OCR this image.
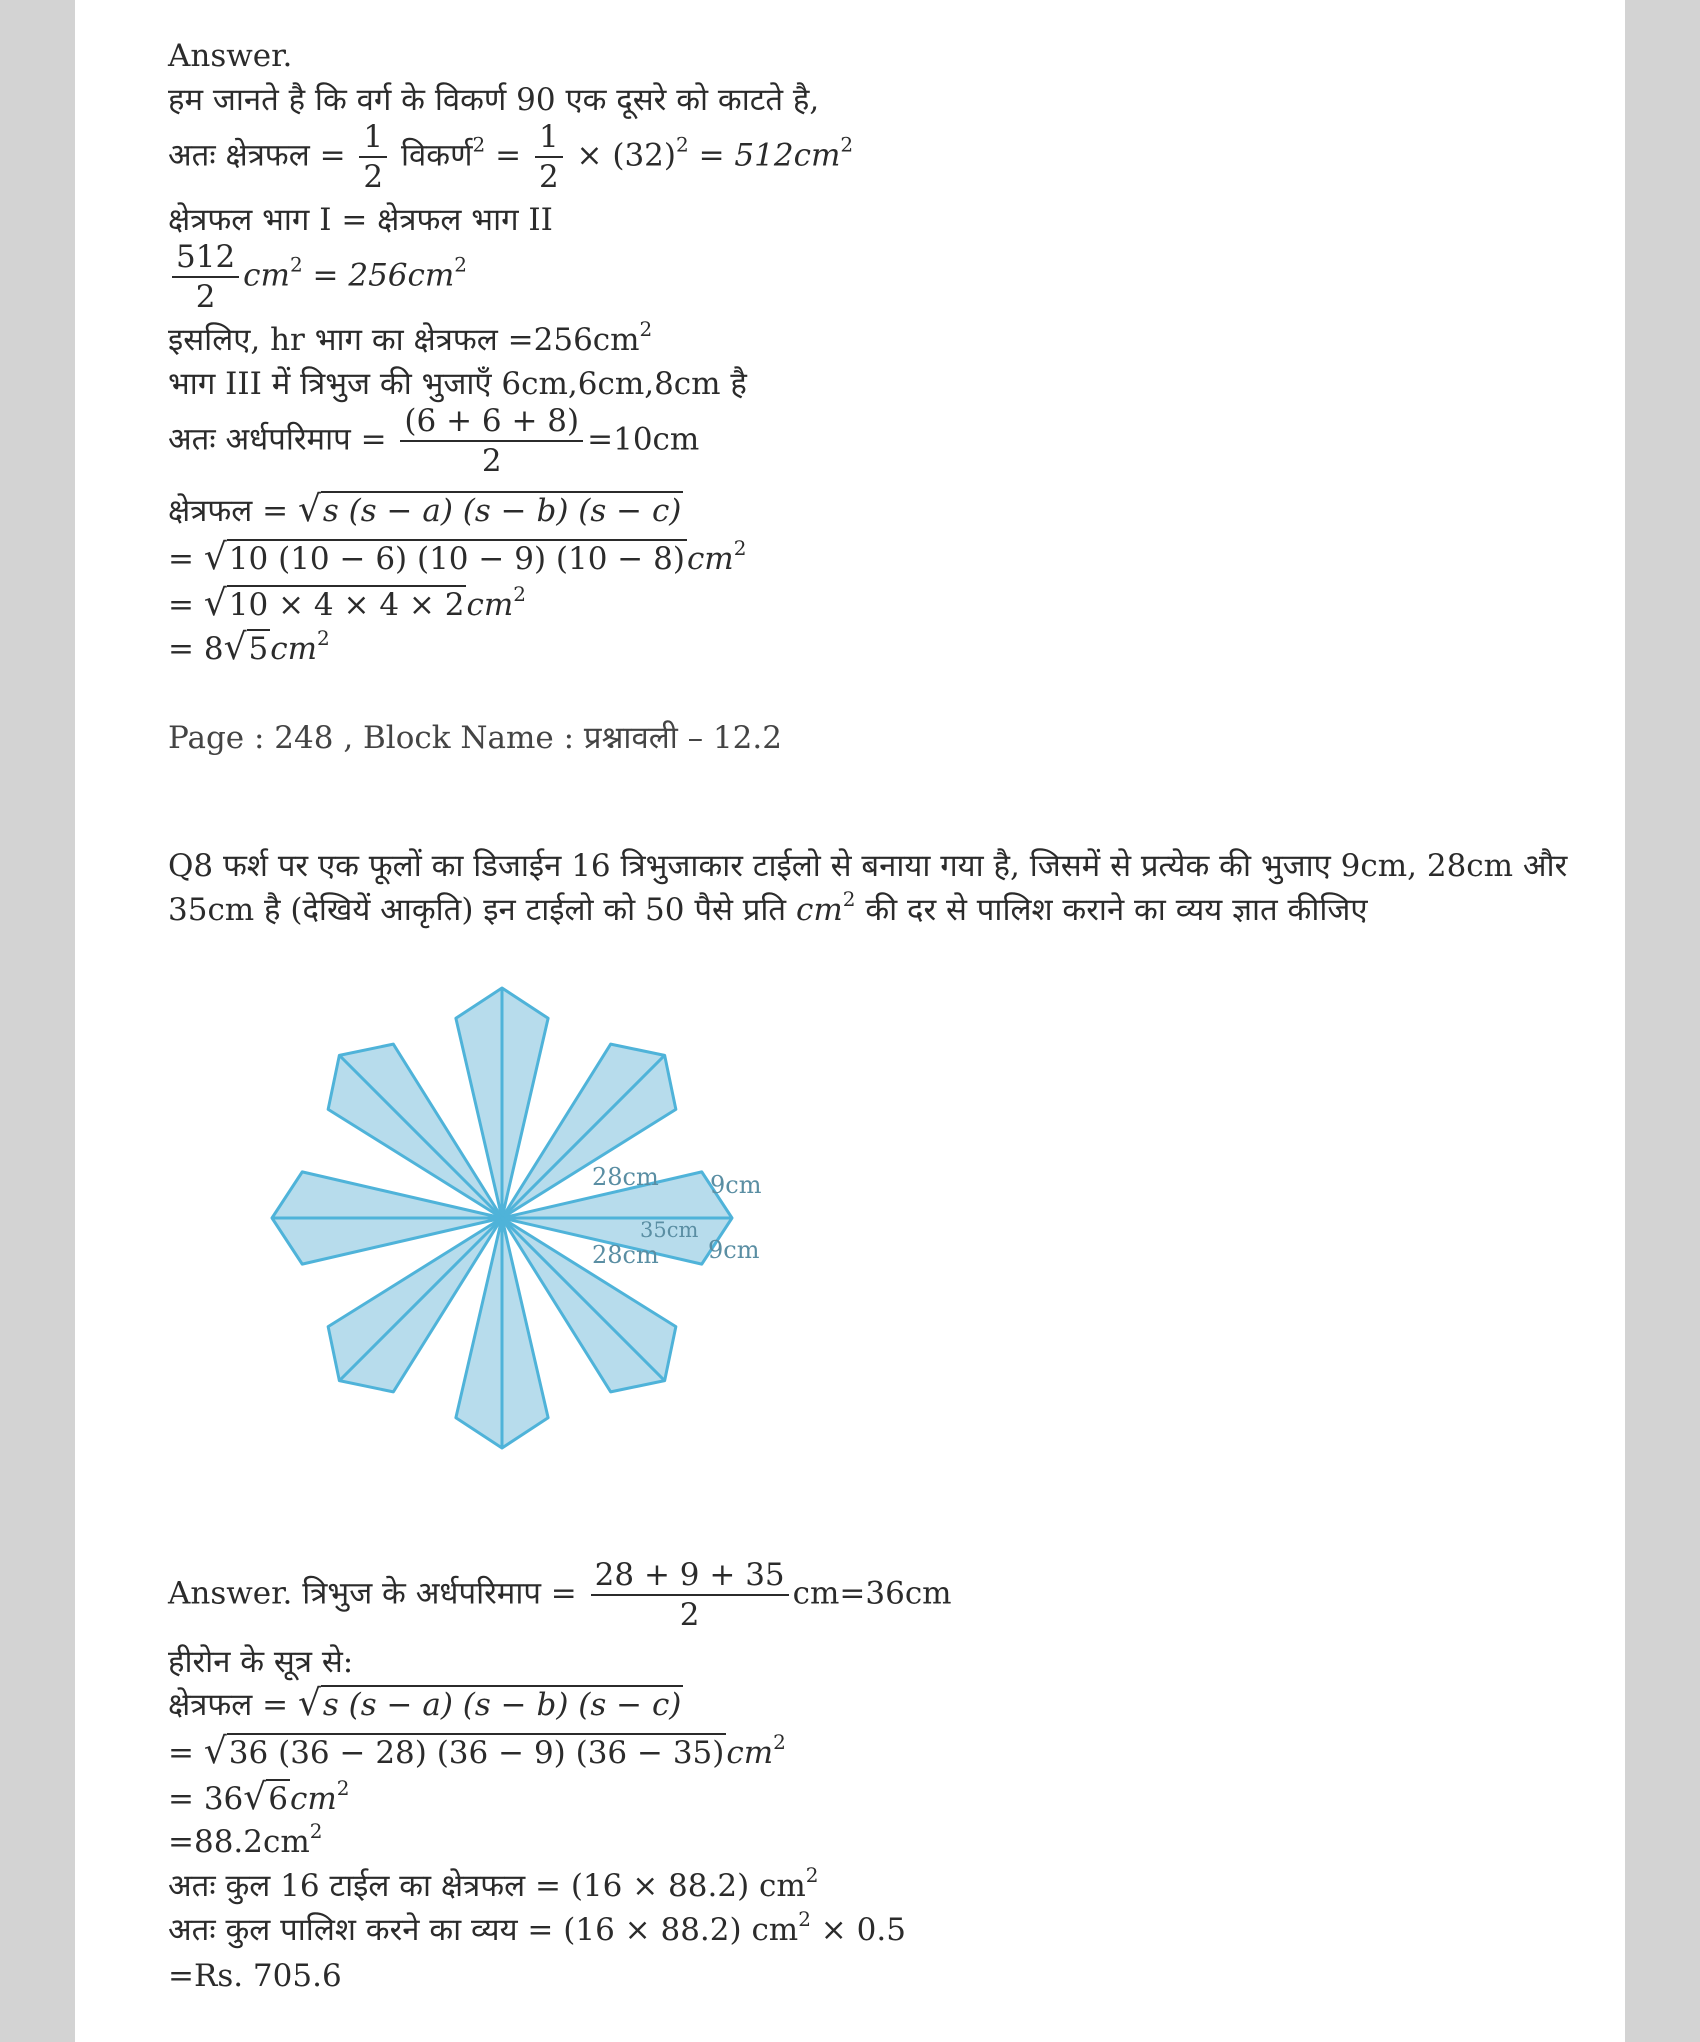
Answer.
हम जानते है कि वर्ग के विकर्ण 90 एक दूसरे को काटते है,
अतः क्षेत्रफल = $\frac{1}{2}$ विकर्ण$^2$ = $\frac{1}{2} \times (32)^2 = 512cm^2$
क्षेत्रफल भाग I = क्षेत्रफल भाग II
$\frac{512}{2} cm^2 = 256cm^2$
इसलिए, hr भाग का क्षेत्रफल $=256cm^2$
भाग III में त्रिभुज की भुजाएँ 6cm,6cm,8cm है
अतः अर्धपरिमाप = $\frac{(6 + 6 + 8)}{2} =10cm$
क्षेत्रफल = √s (s − a) (s − b) (s − c)
= √10 (10 − 6) (10 − 9) $(10 - 8)cm^2$
= $√10 \times 4 \times 4 \times 2cm^2$
= $8√5cm^2$
Page : 248 , Block Name : प्रश्नावली – 12.2
Q8 फर्श पर एक फूलों का डिजाईन 16 त्रिभुजाकार टाईलो से बनाया गया है, जिसमें से प्रत्येक की भुजाए 9cm, 28cm और
35cm है (देखियें आकृति) इन टाईलो को 50 पैसे प्रति $cm^2$ की दर से पालिश कराने का व्यय ज्ञात कीजिए
28cm 9cm
35cm
28cm 9cm
Answer. त्रिभुज के अर्धपरिमाप = $\frac{28 + 9 + 35}{2} cm=36cm$
हीरोन के सूत्र से:
क्षेत्रफल = √s (s − a) (s − b) (s − c)
= √36 (36 − 28) (36 − 9) $(36 - 35)cm^2$
= $36√6cm^2$
$=88.2cm^2$
अतः कुल 16 टाईल का क्षेत्रफल = (16 × 88.2) $cm^2$
अतः कुल पालिश करने का व्यय = (16 × 88.2) $cm^2 \times 0.5$
=Rs. 705.6
